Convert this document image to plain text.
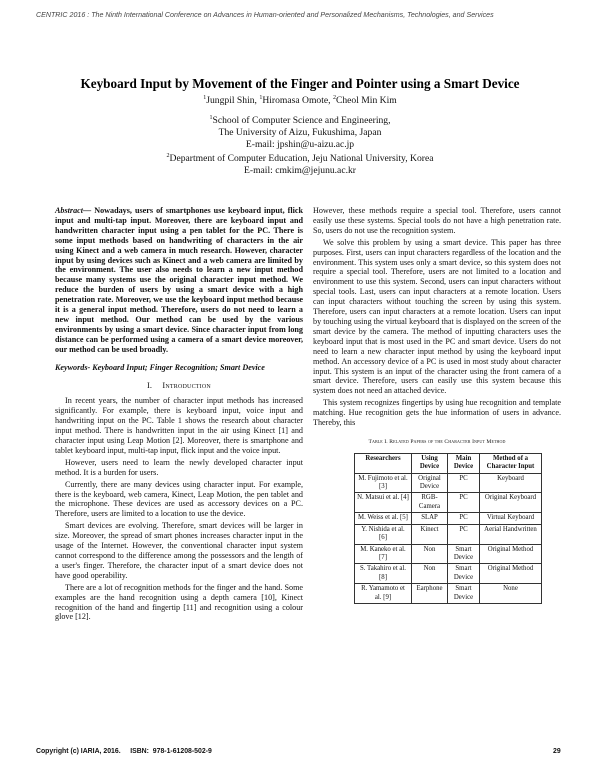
CENTRIC 2016 : The Ninth International Conference on Advances in Human-oriented and Personalized Mechanisms, Technologies, and Services
Keyboard Input by Movement of the Finger and Pointer using a Smart Device
$^1$Jungpil Shin, $^1$Hiromasa Omote, $^2$Cheol Min Kim
$^1$School of Computer Science and Engineering,
The University of Aizu, Fukushima, Japan
E-mail: jpshin@u-aizu.ac.jp
$^2$Department of Computer Education, Jeju National University, Korea
E-mail: cmkim@jejunu.ac.kr

Abstract— Nowadays, users of smartphones use keyboard input, flick input and multi-tap input. Moreover, there are keyboard input and handwritten character input using a pen tablet for the PC. There is some input methods based on handwriting of characters in the air using Kinect and a web camera in much research. However, character input by using devices such as Kinect and a web camera are limited by the environment. The user also needs to learn a new input method because many systems use the original character input method. We reduce the burden of users by using a smart device with a high penetration rate. Moreover, we use the keyboard input method because it is a general input method. Therefore, users do not need to learn a new input method. Our method can be used by the various environments by using a smart device. Since character input from long distance can be performed using a camera of a smart device moreover, our method can be used broadly.

Keywords- Keyboard Input; Finger Recognition; Smart Device

I. Introduction

In recent years, the number of character input methods has increased significantly. For example, there is keyboard input, voice input and handwriting input on the PC. Table 1 shows the research about character input method. There is handwritten input in the air using Kinect [1] and character input using Leap Motion [2]. Moreover, there is smartphone and tablet keyboard input, multi-tap input, flick input and the voice input.

However, users need to learn the newly developed character input method. It is a burden for users.

Currently, there are many devices using character input. For example, there is the keyboard, web camera, Kinect, Leap Motion, the pen tablet and the microphone. These devices are used as accessory devices on a PC. Therefore, users are limited to a location to use the device.

Smart devices are evolving. Therefore, smart devices will be larger in size. Moreover, the spread of smart phones increases character input in the usage of the Internet. However, the conventional character input system cannot correspond to the difference among the possessors and the length of a user's finger. Therefore, the character input of a smart device does not have good operability.

There are a lot of recognition methods for the finger and the hand. Some examples are the hand recognition using a depth camera [10], Kinect recognition of the hand and fingertip [11] and recognition using a colour glove [12].

However, these methods require a special tool. Therefore, users cannot easily use these systems. Special tools do not have a high penetration rate. So, users do not use the recognition system.

We solve this problem by using a smart device. This paper has three purposes. First, users can input characters regardless of the location and the environment. This system uses only a smart device, so this system does not require a special tool. Therefore, users are not limited to a location and environment to use this system. Second, users can input characters without special tools. Last, users can input characters at a remote location. Users can input characters without touching the screen by using this system. Therefore, users can input characters at a remote location. Users can input by touching using the virtual keyboard that is displayed on the screen of the smart device by the camera. The method of inputting characters uses the keyboard input that is most used in the PC and smart device. Users do not need to learn a new character input method by using the keyboard input method. An accessory device of a PC is used in most study about character input. This system is an input of the character using the front camera of a smart device. Therefore, users can easily use this system because this system does not need an attached device.

This system recognizes fingertips by using hue recognition and template matching. Hue recognition gets the hue information of users in advance. Thereby, this

Table I. Related Papers of the Character Input Method
Researchers	Using Device	Main Device	Method of a Character Input
M. Fujimoto et al. [3]	Original Device	PC	Keyboard
N. Matsui et al. [4]	RGB-Camera	PC	Original Keyboard
M. Weiss et al. [5]	SLAP	PC	Virtual Keyboard
Y. Nishida et al. [6]	Kinect	PC	Aerial Handwritten
M. Kaneko et al. [7]	Non	Smart Device	Original Method
S. Takahiro et al. [8]	Non	Smart Device	Original Method
R. Yamamoto et al. [9]	Earphone	Smart Device	None
Copyright (c) IARIA, 2016.     ISBN:  978-1-61208-502-9	29
